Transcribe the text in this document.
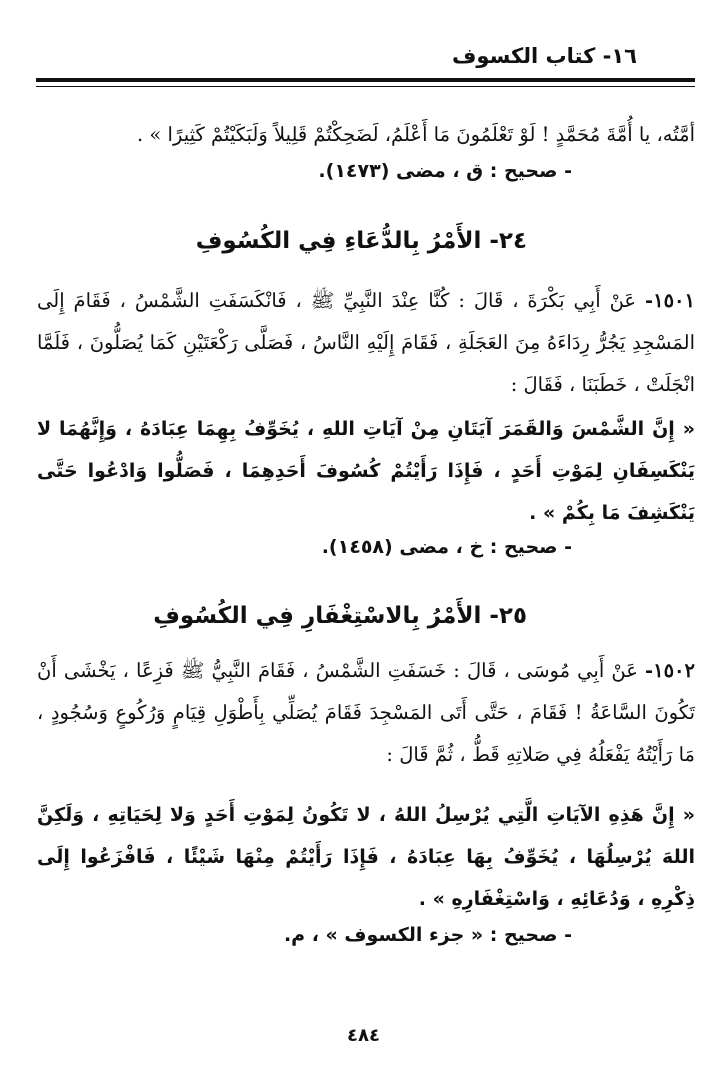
١٦- كتاب الكسوف
أمَّتُه، يا أُمَّةَ مُحَمَّدٍ ! لَوْ تَعْلَمُونَ مَا أَعْلَمُ، لَضَحِكْتُمْ قَلِيلاً وَلَبَكَيْتُمْ كَثِيرًا » .
- صحيح : ق ، مضى (١٤٧٣).
٢٤- الأَمْرُ بِالدُّعَاءِ فِي الكُسُوفِ
١٥٠١- عَنْ أَبِي بَكْرَةَ ، قَالَ : كُنَّا عِنْدَ النَّبِيِّ ﷺ ، فَانْكَسَفَتِ الشَّمْسُ ، فَقَامَ إِلَى المَسْجِدِ يَجُرُّ رِدَاءَهُ مِنَ العَجَلَةِ ، فَقَامَ إِلَيْهِ النَّاسُ ، فَصَلَّى رَكْعَتَيْنِ كَمَا يُصَلُّونَ ، فَلَمَّا انْجَلَتْ ، خَطَبَنَا ، فَقَالَ :
« إِنَّ الشَّمْسَ وَالقَمَرَ آيَتَانِ مِنْ آيَاتِ اللهِ ، يُخَوِّفُ بِهِمَا عِبَادَهُ ، وَإِنَّهُمَا لا يَنْكَسِفَانِ لِمَوْتِ أَحَدٍ ، فَإِذَا رَأَيْتُمْ كُسُوفَ أَحَدِهِمَا ، فَصَلُّوا وَادْعُوا حَتَّى يَنْكَشِفَ مَا بِكُمْ » .
- صحيح : خ ، مضى (١٤٥٨).
٢٥- الأَمْرُ بِالاسْتِغْفَارِ فِي الكُسُوفِ
١٥٠٢- عَنْ أَبِي مُوسَى ، قَالَ : خَسَفَتِ الشَّمْسُ ، فَقَامَ النَّبِيُّ ﷺ فَزِعًا ، يَخْشَى أَنْ تَكُونَ السَّاعَةُ ! فَقَامَ ، حَتَّى أَتَى المَسْجِدَ فَقَامَ يُصَلِّي بِأَطْوَلِ قِيَامٍ وَرُكُوعٍ وَسُجُودٍ ، مَا رَأَيْتُهُ يَفْعَلُهُ فِي صَلاتِهِ قَطُّ ، ثُمَّ قَالَ :
« إِنَّ هَذِهِ الآيَاتِ الَّتِي يُرْسِلُ اللهُ ، لا تَكُونُ لِمَوْتِ أَحَدٍ وَلا لِحَيَاتِهِ ، وَلَكِنَّ اللهَ يُرْسِلُهَا ، يُخَوِّفُ بِهَا عِبَادَهُ ، فَإِذَا رَأَيْتُمْ مِنْهَا شَيْئًا ، فَافْزَعُوا إِلَى ذِكْرِهِ ، وَدُعَائِهِ ، وَاسْتِغْفَارِهِ » .
- صحيح : « جزء الكسوف » ، م.
٤٨٤
